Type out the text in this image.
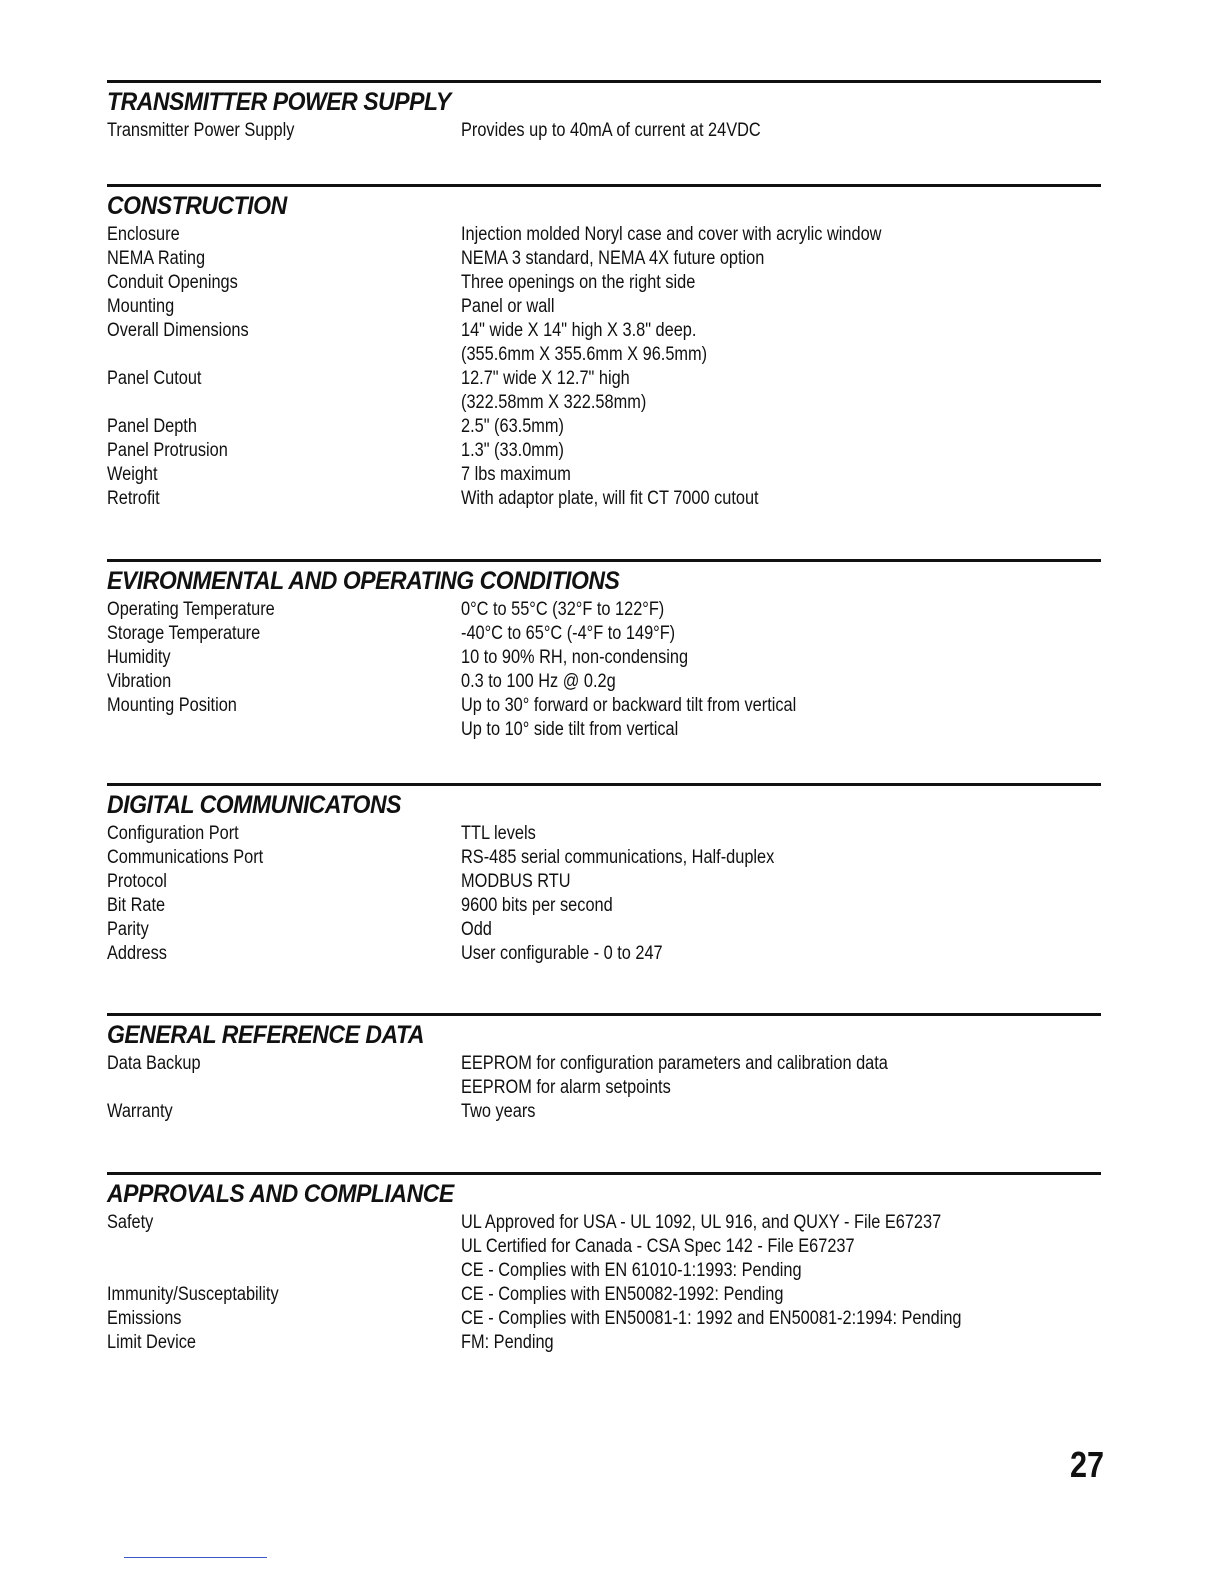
TRANSMITTER POWER SUPPLY
Transmitter Power Supply	Provides up to 40mA of current at 24VDC
CONSTRUCTION
Enclosure	Injection molded Noryl case and cover with acrylic window
NEMA Rating	NEMA 3 standard, NEMA 4X future option
Conduit Openings	Three openings on the right side
Mounting	Panel or wall
Overall Dimensions	14" wide X 14" high X 3.8" deep.
(355.6mm X 355.6mm X 96.5mm)
Panel Cutout	12.7" wide X 12.7" high
(322.58mm X 322.58mm)
Panel Depth	2.5" (63.5mm)
Panel Protrusion	1.3" (33.0mm)
Weight	7 lbs maximum
Retrofit	With adaptor plate, will fit CT 7000 cutout
EVIRONMENTAL AND OPERATING CONDITIONS
Operating Temperature	0°C to 55°C (32°F to 122°F)
Storage Temperature	-40°C to 65°C (-4°F to 149°F)
Humidity	10 to 90% RH, non-condensing
Vibration	0.3 to 100 Hz @ 0.2g
Mounting Position	Up to 30° forward or backward tilt from vertical
Up to 10° side tilt from vertical
DIGITAL COMMUNICATONS
Configuration Port	TTL levels
Communications Port	RS-485 serial communications, Half-duplex
Protocol	MODBUS RTU
Bit Rate	9600 bits per second
Parity	Odd
Address	User configurable - 0 to 247
GENERAL REFERENCE DATA
Data Backup	EEPROM for configuration parameters and calibration data
EEPROM for alarm setpoints
Warranty	Two years
APPROVALS AND COMPLIANCE
Safety	UL Approved for USA - UL 1092, UL 916, and QUXY - File E67237
UL Certified for Canada - CSA Spec 142 - File E67237
CE - Complies with EN 61010-1:1993: Pending
Immunity/Susceptability	CE - Complies with EN50082-1992: Pending
Emissions	CE - Complies with EN50081-1: 1992 and EN50081-2:1994: Pending
Limit Device	FM: Pending
27
